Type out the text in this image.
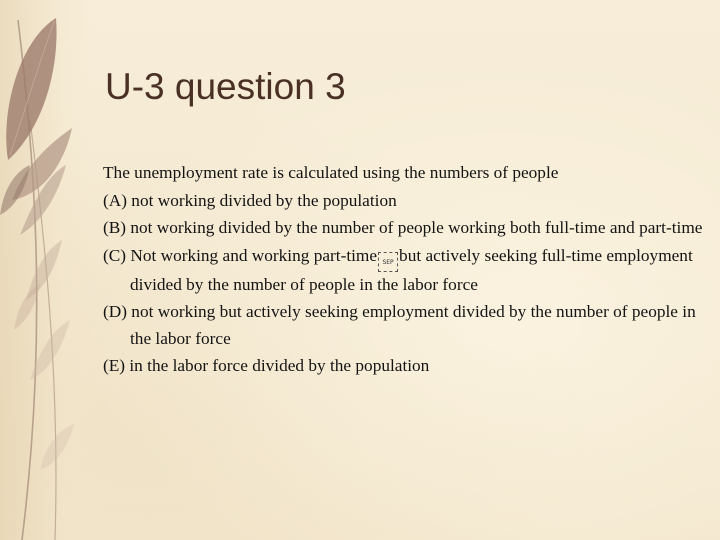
U-3 question 3

The unemployment rate is calculated using the numbers of people

(A) not working divided by the population

(B) not working divided by the number of people working both full-time and part-time

(C) Not working and working part-time SEP but actively seeking full-time employment divided by the number of people in the labor force

(D) not working but actively seeking employment divided by the number of people in the labor force

(E) in the labor force divided by the population
